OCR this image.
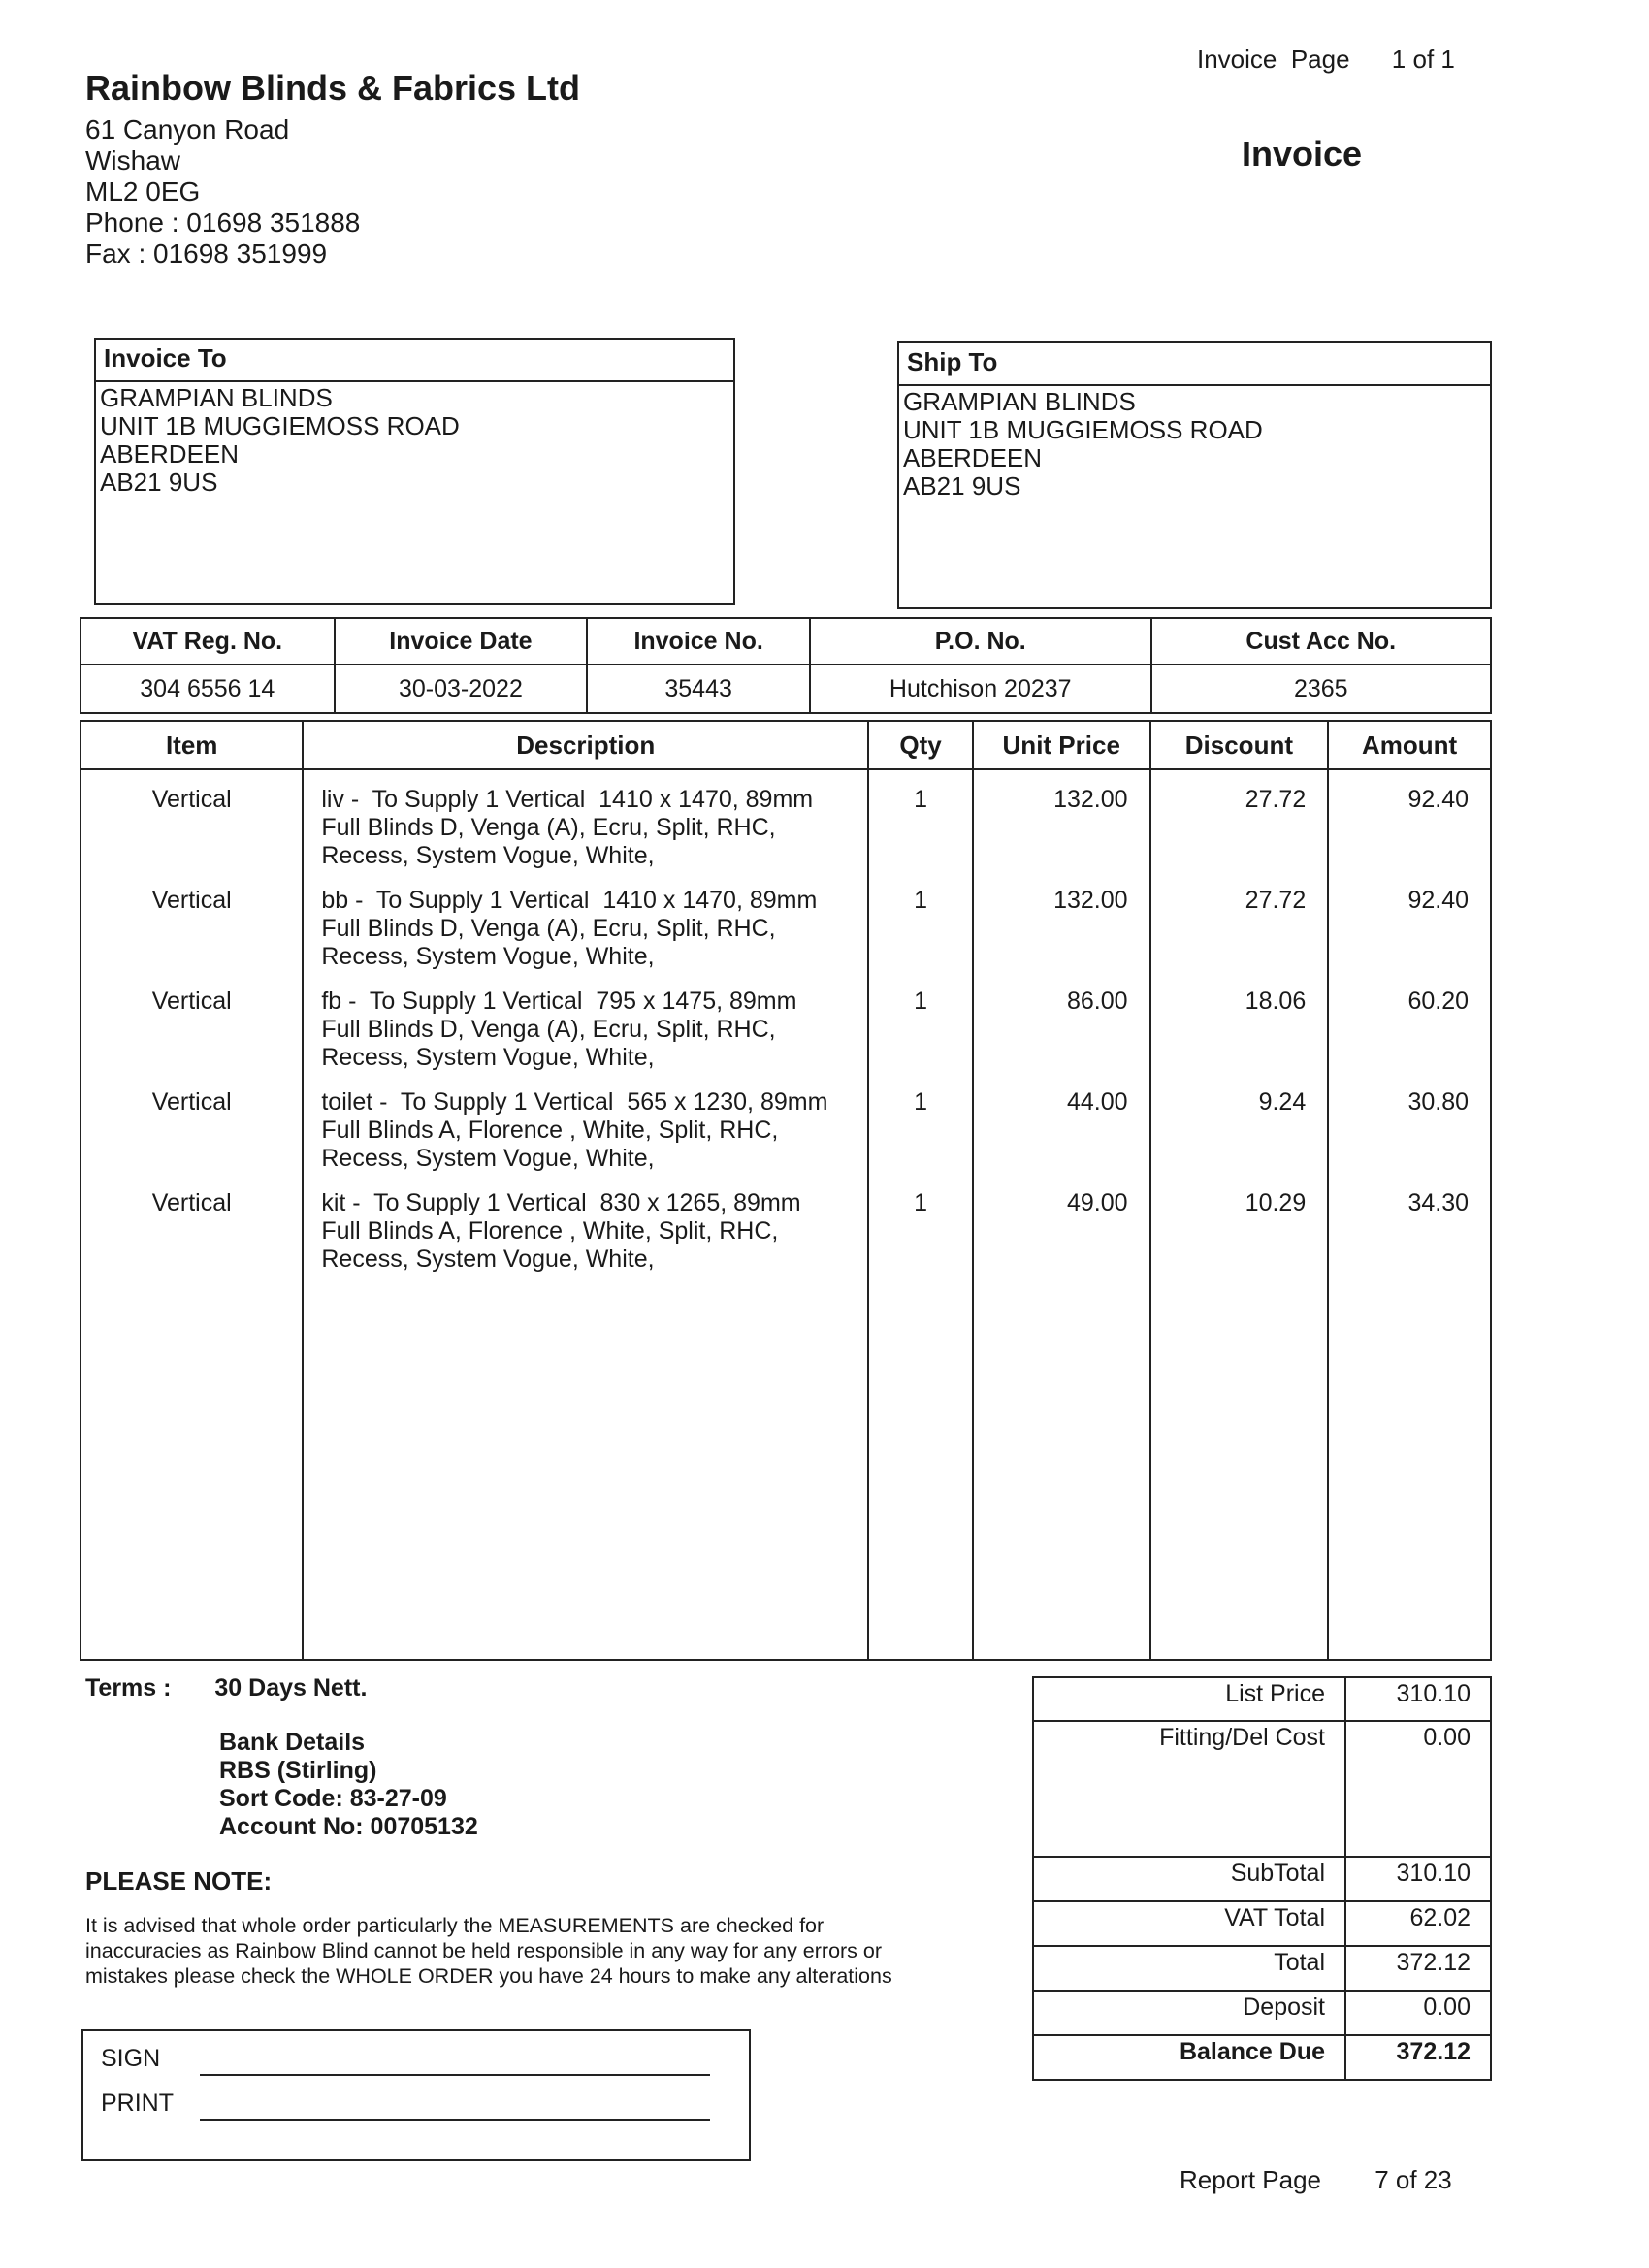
Invoice  Page 1 of 1
Rainbow Blinds & Fabrics Ltd
61 Canyon Road
Wishaw
ML2 0EG
Phone : 01698 351888
Fax : 01698 351999
Invoice
Invoice To
GRAMPIAN BLINDS
UNIT 1B MUGGIEMOSS ROAD
ABERDEEN
AB21 9US
Ship To
GRAMPIAN BLINDS
UNIT 1B MUGGIEMOSS ROAD
ABERDEEN
AB21 9US
VAT Reg. No.	Invoice Date	Invoice No.	P.O. No.	Cust Acc No.
304 6556 14	30-03-2022	35443	Hutchison 20237	2365
Item	Description	Qty	Unit Price	Discount	Amount
Vertical	liv -  To Supply 1 Vertical  1410 x 1470, 89mm
Full Blinds D, Venga (A), Ecru, Split, RHC,
Recess, System Vogue, White,	1	132.00	27.72	92.40
Vertical	bb -  To Supply 1 Vertical  1410 x 1470, 89mm
Full Blinds D, Venga (A), Ecru, Split, RHC,
Recess, System Vogue, White,	1	132.00	27.72	92.40
Vertical	fb -  To Supply 1 Vertical  795 x 1475, 89mm
Full Blinds D, Venga (A), Ecru, Split, RHC,
Recess, System Vogue, White,	1	86.00	18.06	60.20
Vertical	toilet -  To Supply 1 Vertical  565 x 1230, 89mm
Full Blinds A, Florence , White, Split, RHC,
Recess, System Vogue, White,	1	44.00	9.24	30.80
Vertical	kit -  To Supply 1 Vertical  830 x 1265, 89mm
Full Blinds A, Florence , White, Split, RHC,
Recess, System Vogue, White,	1	49.00	10.29	34.30

Terms : 30 Days Nett.
Bank Details
RBS (Stirling)
Sort Code: 83-27-09
Account No: 00705132
PLEASE NOTE:
It is advised that whole order particularly the MEASUREMENTS are checked for
inaccuracies as Rainbow Blind cannot be held responsible in any way for any errors or
mistakes please check the WHOLE ORDER you have 24 hours to make any alterations
List Price	310.10
Fitting/Del Cost	0.00
SubTotal	310.10
VAT Total	62.02
Total	372.12
Deposit	0.00
Balance Due	372.12
SIGN
PRINT
Report Page 7 of 23
